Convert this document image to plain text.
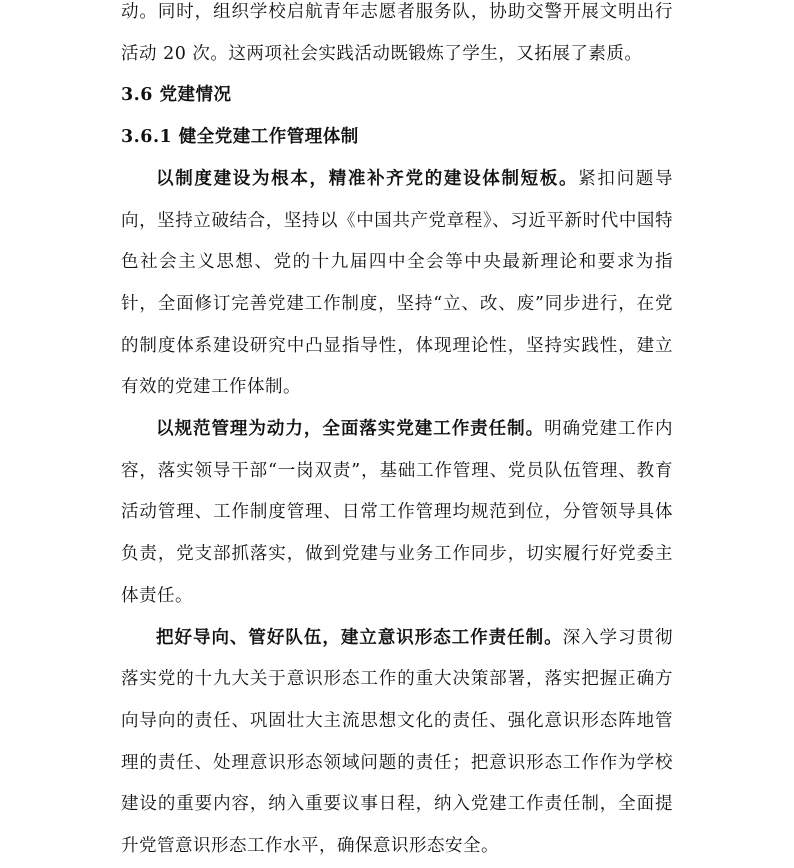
动。同时，组织学校启航青年志愿者服务队，协助交警开展文明出行活动 20 次。这两项社会实践活动既锻炼了学生，又拓展了素质。

3.6 党建情况

3.6.1 健全党建工作管理体制

以制度建设为根本，精准补齐党的建设体制短板。紧扣问题导向，坚持立破结合，坚持以《中国共产党章程》、习近平新时代中国特色社会主义思想、党的十九届四中全会等中央最新理论和要求为指针，全面修订完善党建工作制度，坚持“立、改、废”同步进行，在党的制度体系建设研究中凸显指导性，体现理论性，坚持实践性，建立有效的党建工作体制。

以规范管理为动力，全面落实党建工作责任制。明确党建工作内容，落实领导干部“一岗双责”，基础工作管理、党员队伍管理、教育活动管理、工作制度管理、日常工作管理均规范到位，分管领导具体负责，党支部抓落实，做到党建与业务工作同步，切实履行好党委主体责任。

把好导向、管好队伍，建立意识形态工作责任制。深入学习贯彻落实党的十九大关于意识形态工作的重大决策部署，落实把握正确方向导向的责任、巩固壮大主流思想文化的责任、强化意识形态阵地管理的责任、处理意识形态领域问题的责任；把意识形态工作作为学校建设的重要内容，纳入重要议事日程，纳入党建工作责任制，全面提升党管意识形态工作水平，确保意识形态安全。
